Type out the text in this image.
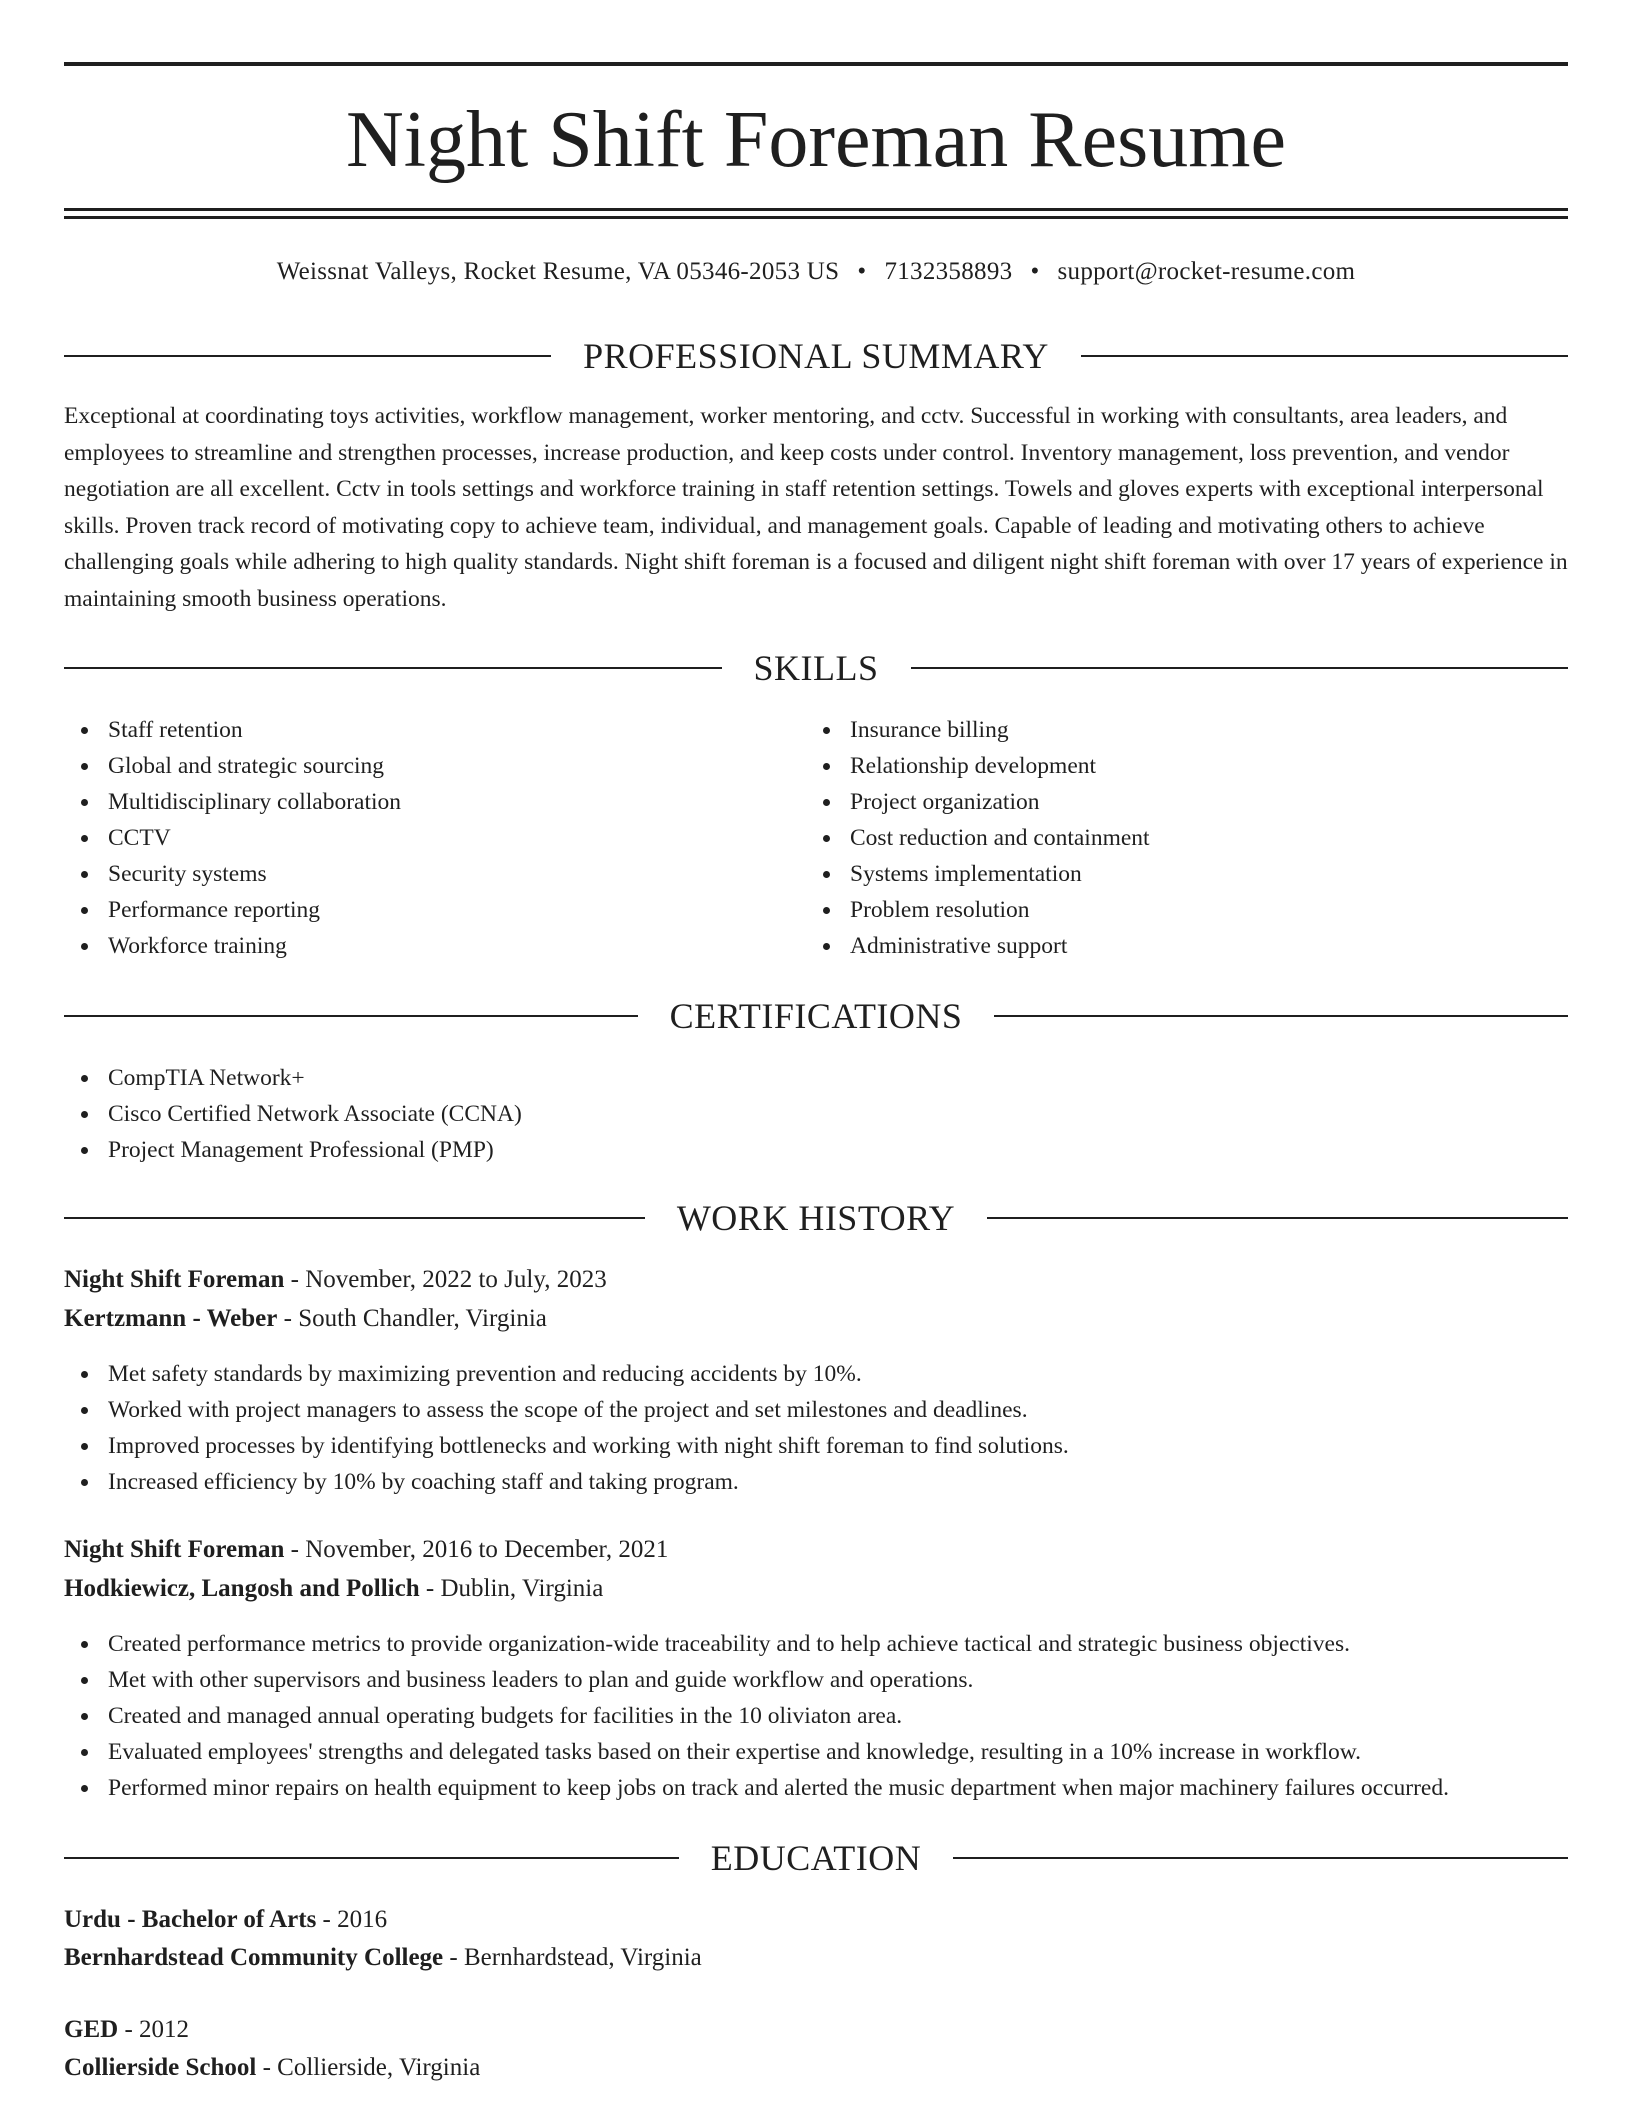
Night Shift Foreman Resume
Weissnat Valleys, Rocket Resume, VA 05346-2053 US • 7132358893 • support@rocket-resume.com
PROFESSIONAL SUMMARY

Exceptional at coordinating toys activities, workflow management, worker mentoring, and cctv. Successful in working with consultants, area leaders, and employees to streamline and strengthen processes, increase production, and keep costs under control. Inventory management, loss prevention, and vendor negotiation are all excellent. Cctv in tools settings and workforce training in staff retention settings. Towels and gloves experts with exceptional interpersonal skills. Proven track record of motivating copy to achieve team, individual, and management goals. Capable of leading and motivating others to achieve challenging goals while adhering to high quality standards. Night shift foreman is a focused and diligent night shift foreman with over 17 years of experience in maintaining smooth business operations.

SKILLS
Staff retention
Global and strategic sourcing
Multidisciplinary collaboration
CCTV
Security systems
Performance reporting
Workforce training
Insurance billing
Relationship development
Project organization
Cost reduction and containment
Systems implementation
Problem resolution
Administrative support
CERTIFICATIONS
CompTIA Network+
Cisco Certified Network Associate (CCNA)
Project Management Professional (PMP)
WORK HISTORY
Night Shift Foreman - November, 2022 to July, 2023
Kertzmann - Weber - South Chandler, Virginia
Met safety standards by maximizing prevention and reducing accidents by 10%.
Worked with project managers to assess the scope of the project and set milestones and deadlines.
Improved processes by identifying bottlenecks and working with night shift foreman to find solutions.
Increased efficiency by 10% by coaching staff and taking program.
Night Shift Foreman - November, 2016 to December, 2021
Hodkiewicz, Langosh and Pollich - Dublin, Virginia
Created performance metrics to provide organization-wide traceability and to help achieve tactical and strategic business objectives.
Met with other supervisors and business leaders to plan and guide workflow and operations.
Created and managed annual operating budgets for facilities in the 10 oliviaton area.
Evaluated employees' strengths and delegated tasks based on their expertise and knowledge, resulting in a 10% increase in workflow.
Performed minor repairs on health equipment to keep jobs on track and alerted the music department when major machinery failures occurred.
EDUCATION
Urdu - Bachelor of Arts - 2016
Bernhardstead Community College - Bernhardstead, Virginia
GED - 2012
Collierside School - Collierside, Virginia
